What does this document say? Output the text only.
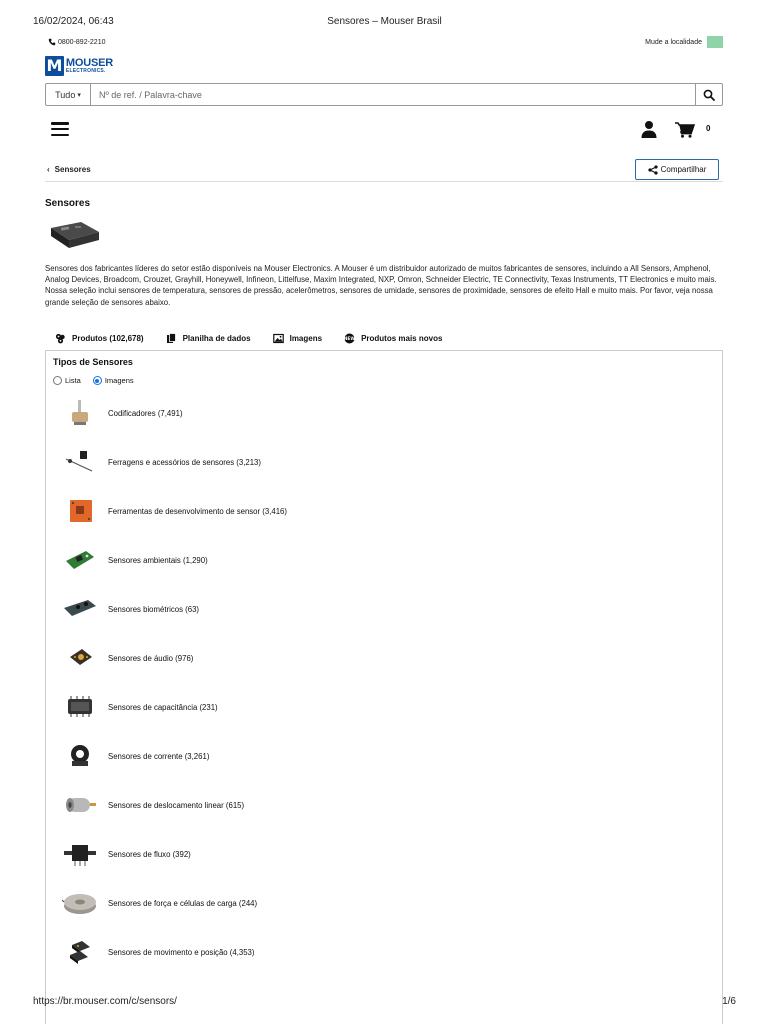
16/02/2024, 06:43	Sensores – Mouser Brasil
0800-892-2210	Mude a localidade
M MOUSER
ELECTRONICS.
Tudo ▾	Nº de ref. / Palavra-chave
0
‹ Sensores	Compartilhar
Sensores
Sensores dos fabricantes líderes do setor estão disponíveis na Mouser Electronics. A Mouser é um distribuidor autorizado de muitos fabricantes de sensores, incluindo a All Sensors, Amphenol, Analog Devices, Broadcom, Crouzet, Grayhill, Honeywell, Infineon, Littelfuse, Maxim Integrated, NXP, Omron, Schneider Electric, TE Connectivity, Texas Instruments, TT Electronics e muito mais. Nossa seleção inclui sensores de temperatura, sensores de pressão, acelerômetros, sensores de umidade, sensores de proximidade, sensores de efeito Hall e muito mais. Por favor, veja nossa grande seleção de sensores abaixo.
Produtos (102,678)	Planilha de dados	Imagens	NEW Produtos mais novos
Tipos de Sensores
Lista	Imagens
Codificadores (7,491)
Ferragens e acessórios de sensores (3,213)
Ferramentas de desenvolvimento de sensor (3,416)
Sensores ambientais (1,290)
Sensores biométricos (63)
Sensores de áudio (976)
Sensores de capacitância (231)
Sensores de corrente (3,261)
Sensores de deslocamento linear (615)
Sensores de fluxo (392)
Sensores de força e células de carga (244)
Sensores de movimento e posição (4,353)
https://br.mouser.com/c/sensors/	1/6
